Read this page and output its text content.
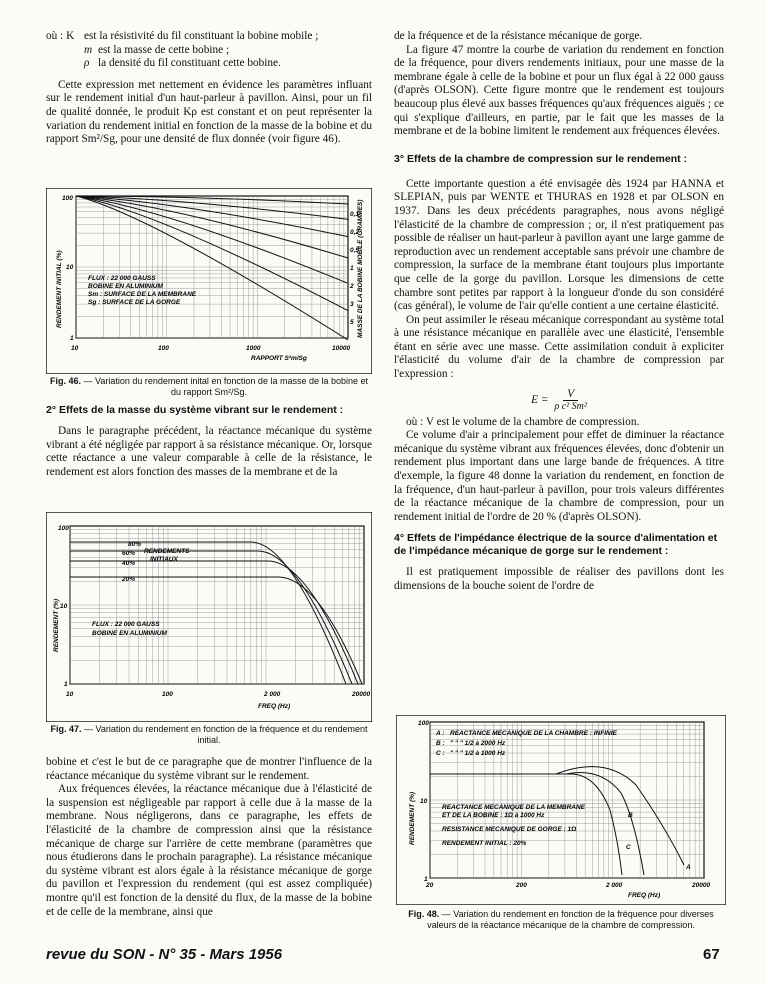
où : K est la résistivité du fil constituant la bobine mobile ;
m est la masse de cette bobine ;
ρ la densité du fil constituant cette bobine.

Cette expression met nettement en évidence les paramètres influant sur le rendement initial d'un haut-parleur à pavillon. Ainsi, pour un fil de qualité donnée, le produit Kρ est constant et on peut représenter la variation du rendement initial en fonction de la masse de la bobine et du rapport Sm²/Sg, pour une densité de flux donnée (voir figure 46).

100
10
1
10	100	1000	10000
RAPPORT S²m/Sg
RENDEMENT INITIAL (%)	MASSE DE LA BOBINE MOBILE (GRAMMES)
0,1
0,2
0,5
1
2
3
5
FLUX : 22 000 GAUSS
BOBINE EN ALUMINIUM
Sm : SURFACE DE LA MEMBRANE
Sg : SURFACE DE LA GORGE
Fig. 46. — Variation du rendement inital en fonction de la masse de la bobine et du rapport Sm²/Sg.
2° Effets de la masse du système vibrant sur le rendement :

Dans le paragraphe précédent, la réactance mécanique du système vibrant a été négligée par rapport à sa résistance mécanique. Or, lorsque cette réactance a une valeur comparable à celle de la résistance, le rendement est alors fonction des masses de la membrane et de la

100
10
1
10	100	2 000	20000
FREQ (Hz)
RENDEMENT (%)
80%
60%
40%
20%
RENDEMENTS
INITIAUX
FLUX : 22 000 GAUSS
BOBINE EN ALUMINIUM
Fig. 47. — Variation du rendement en fonction de la fréquence et du rendement initial.

bobine et c'est le but de ce paragraphe que de montrer l'influence de la réactance mécanique du système vibrant sur le rendement.

Aux fréquences élevées, la réactance mécanique due à l'élasticité de la suspension est négligeable par rapport à celle due à la masse de la membrane. Nous négligerons, dans ce paragraphe, les effets de l'élasticité de la chambre de compression ainsi que la résistance mécanique de charge sur l'arrière de cette membrane (paramètres que nous étudierons dans le prochain paragraphe). La résistance mécanique du système vibrant est alors égale à la résistance mécanique de gorge du pavillon et l'expression du rendement (qui est assez compliquée) montre qu'il est fonction de la densité du flux, de la masse de la bobine et de celle de la membrane, ainsi que

de la fréquence et de la résistance mécanique de gorge.

La figure 47 montre la courbe de variation du rendement en fonction de la fréquence, pour divers rendements initiaux, pour une masse de la membrane égale à celle de la bobine et pour un flux égal à 22 000 gauss (d'après OLSON). Cette figure montre que le rendement est toujours beaucoup plus élevé aux basses fréquences qu'aux fréquences aiguës ; ce qui s'explique d'ailleurs, en partie, par le fait que les masses de la membrane et de la bobine limitent le rendement aux fréquences élevées.

3° Effets de la chambre de compression sur le rendement :

Cette importante question a été envisagée dès 1924 par HANNA et SLEPIAN, puis par WENTE et THURAS en 1928 et par OLSON en 1937. Dans les deux précédents paragraphes, nous avons négligé l'élasticité de la chambre de compression ; or, il n'est pratiquement pas possible de réaliser un haut-parleur à pavillon ayant une large gamme de reproduction avec un rendement acceptable sans prévoir une chambre de compression, la surface de la membrane étant toujours plus importante que celle de la gorge du pavillon. Lorsque les dimensions de cette chambre sont petites par rapport à la longueur d'onde du son considéré (cas général), le volume de l'air qu'elle contient a une certaine élasticité.

On peut assimiler le réseau mécanique correspondant au système total à une résistance mécanique en parallèle avec une élasticité, l'ensemble étant en série avec une masse. Cette assimilation conduit à expliciter l'élasticité du volume d'air de la chambre de compression par l'expression :

$E = \frac{V}{\text{ρ c² Sm²}}$

où : V est le volume de la chambre de compression.

Ce volume d'air a principalement pour effet de diminuer la réactance mécanique du système vibrant aux fréquences élevées, donc d'obtenir un rendement plus important dans une large bande de fréquences. A titre d'exemple, la figure 48 donne la variation du rendement, en fonction de la fréquence, d'un haut-parleur à pavillon, pour trois valeurs différentes de la réactance mécanique de la chambre de compression, pour un rendement initial de l'ordre de 20 % (d'après OLSON).

4° Effets de l'impédance électrique de la source d'alimentation et de l'impédance mécanique de gorge sur le rendement :

Il est pratiquement impossible de réaliser des pavillons dont les dimensions de la bouche soient de l'ordre de

100
10
1
20	200	2 000	20000
FREQ (Hz)
RENDEMENT (%)
A : REACTANCE MECANIQUE DE LA CHAMBRE : INFINIE
B : " " " 1/2 à 2000 Hz
C : " " " 1/2 à 1000 Hz
REACTANCE MECANIQUE DE LA MEMBRANE
ET DE LA BOBINE : 1Ω à 1000 Hz
RESISTANCE MECANIQUE DE GORGE : 1Ω
RENDEMENT INITIAL : 20%
A
B
C
Fig. 48. — Variation du rendement en fonction de la fréquence pour diverses valeurs de la réactance mécanique de la chambre de compression.
revue du SON - N° 35 - Mars 1956	67
